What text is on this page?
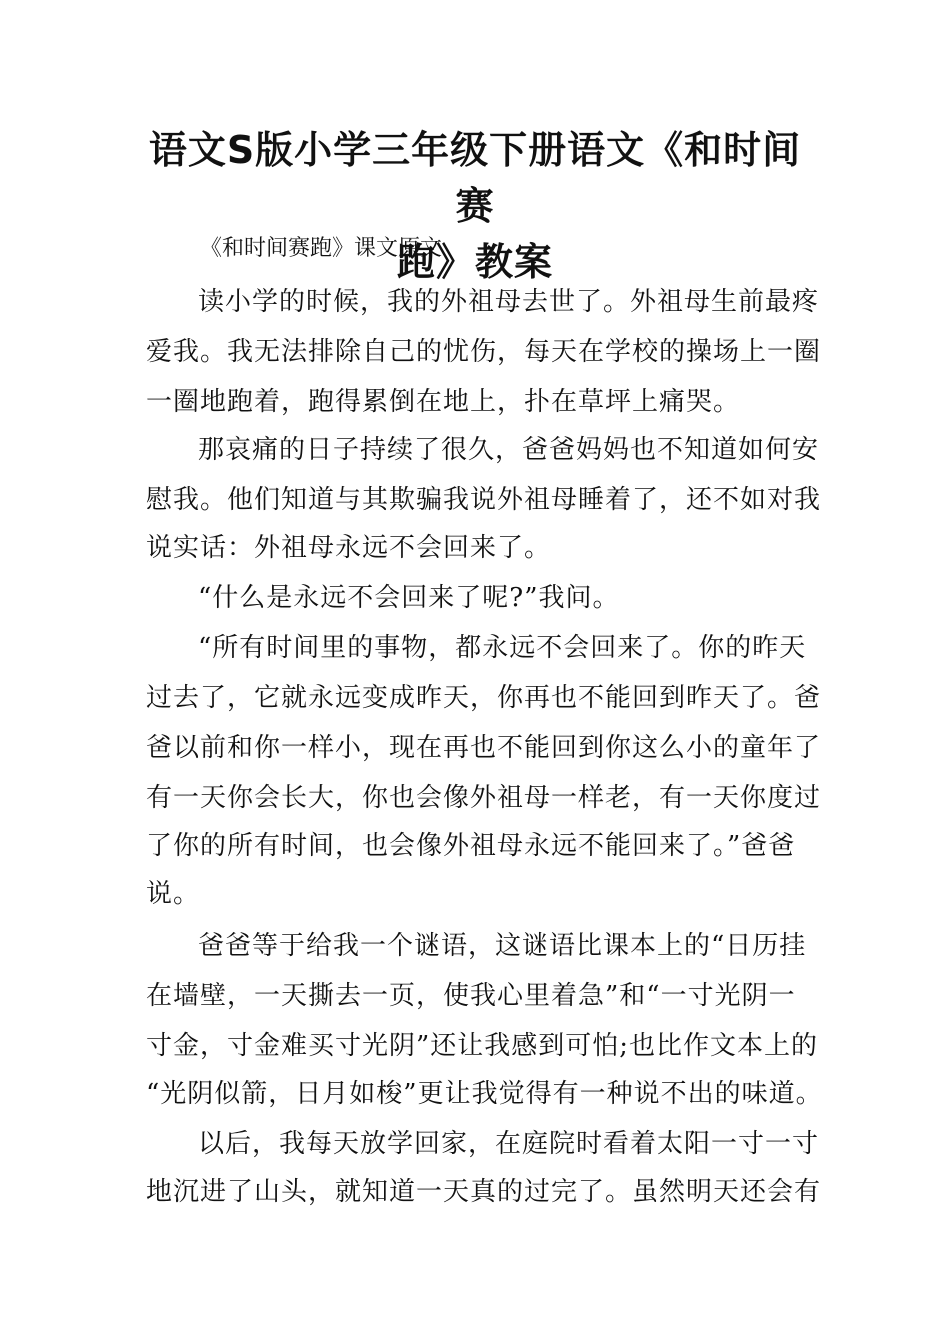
语文S版小学三年级下册语文《和时间赛
跑》教案
《和时间赛跑》课文原文
读小学的时候，我的外祖母去世了。外祖母生前最疼
爱我。我无法排除自己的忧伤，每天在学校的操场上一圈
一圈地跑着，跑得累倒在地上，扑在草坪上痛哭。
那哀痛的日子持续了很久，爸爸妈妈也不知道如何安
慰我。他们知道与其欺骗我说外祖母睡着了，还不如对我
说实话：外祖母永远不会回来了。
“什么是永远不会回来了呢?”我问。
“所有时间里的事物，都永远不会回来了。你的昨天
过去了，它就永远变成昨天，你再也不能回到昨天了。爸
爸以前和你一样小，现在再也不能回到你这么小的童年了
有一天你会长大，你也会像外祖母一样老，有一天你度过
了你的所有时间，也会像外祖母永远不能回来了。”爸爸
说。
爸爸等于给我一个谜语，这谜语比课本上的“日历挂
在墙壁，一天撕去一页，使我心里着急”和“一寸光阴一
寸金，寸金难买寸光阴”还让我感到可怕;也比作文本上的
“光阴似箭，日月如梭”更让我觉得有一种说不出的味道。
以后，我每天放学回家，在庭院时看着太阳一寸一寸
地沉进了山头，就知道一天真的过完了。虽然明天还会有
